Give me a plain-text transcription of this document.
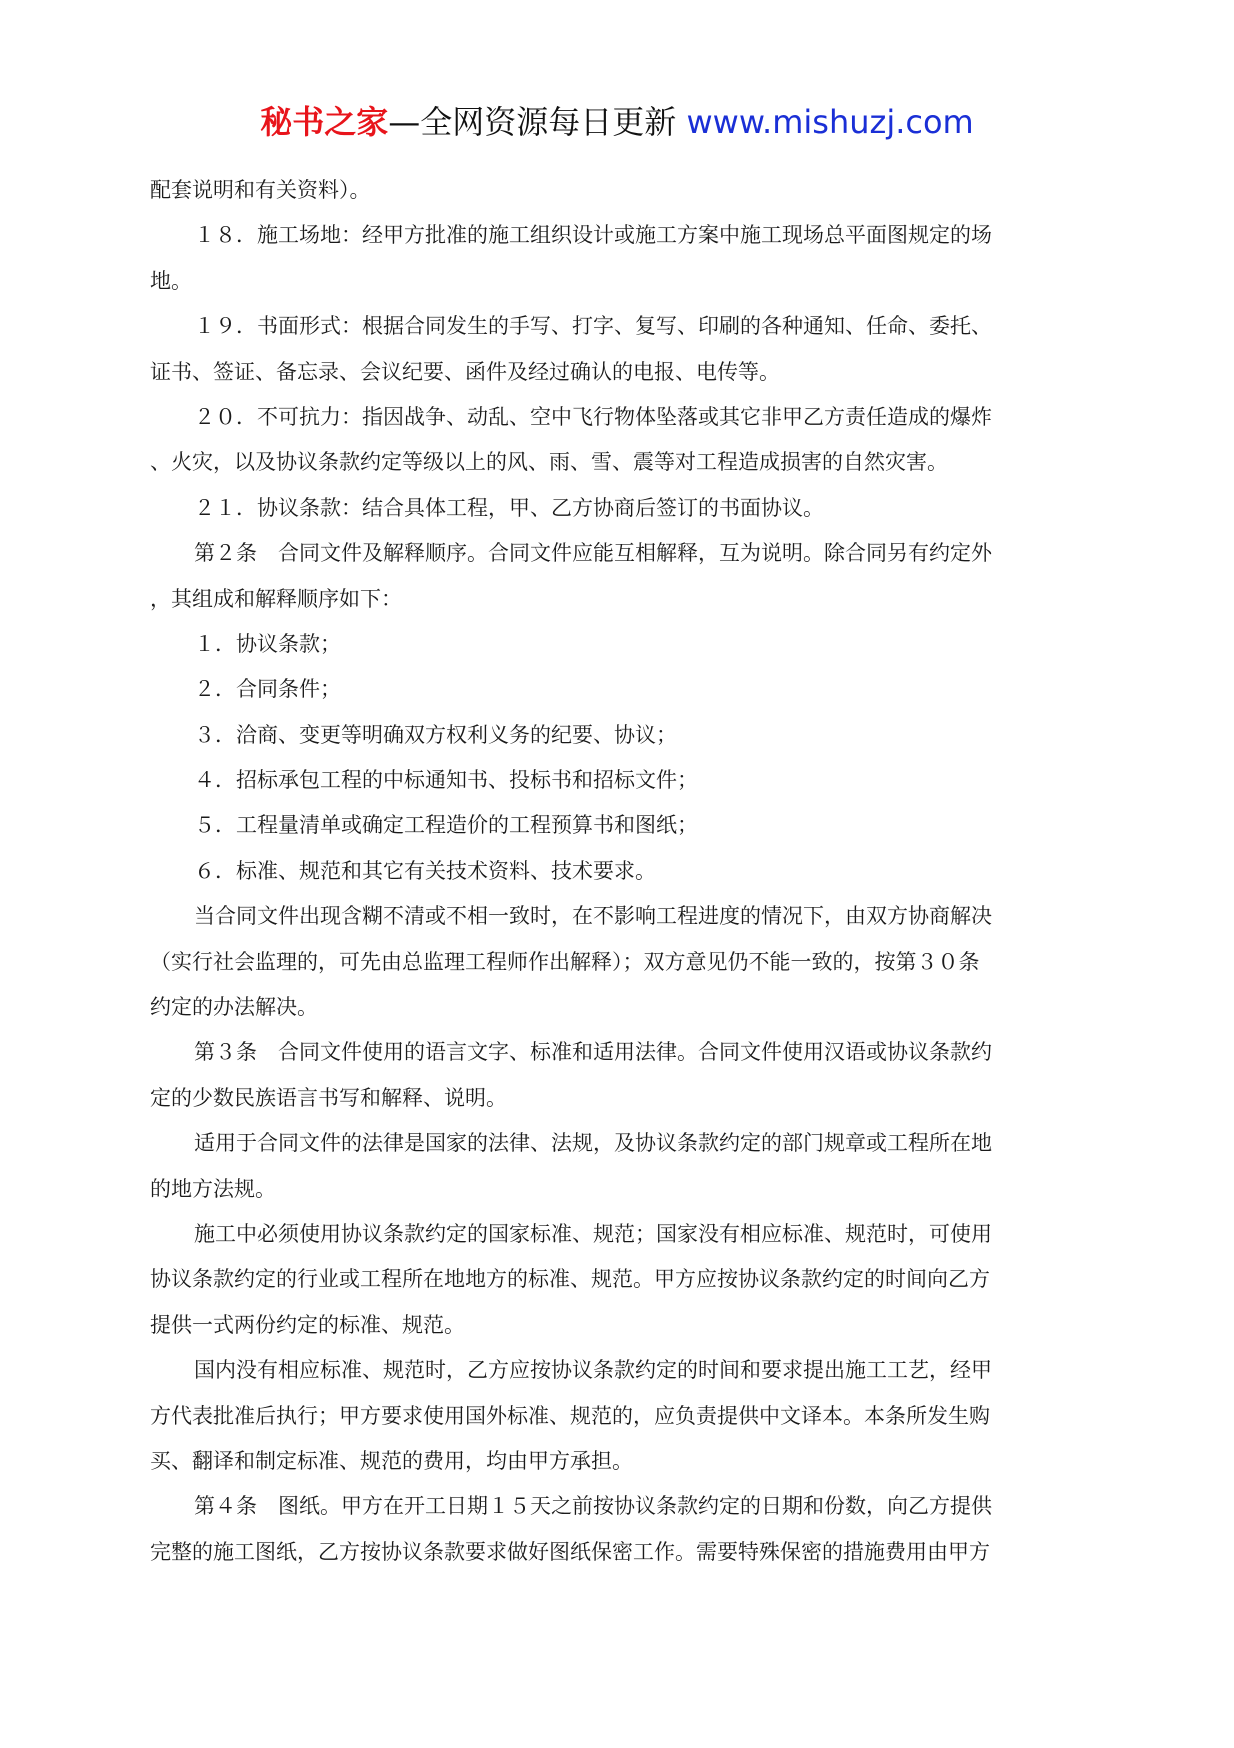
秘书之家—全网资源每日更新 www.mishuzj.com
配套说明和有关资料）。
１８．施工场地：经甲方批准的施工组织设计或施工方案中施工现场总平面图规定的场
地。
１９．书面形式：根据合同发生的手写、打字、复写、印刷的各种通知、任命、委托、
证书、签证、备忘录、会议纪要、函件及经过确认的电报、电传等。
２０．不可抗力：指因战争、动乱、空中飞行物体坠落或其它非甲乙方责任造成的爆炸
、火灾，以及协议条款约定等级以上的风、雨、雪、震等对工程造成损害的自然灾害。
２１．协议条款：结合具体工程，甲、乙方协商后签订的书面协议。
第２条　合同文件及解释顺序。合同文件应能互相解释，互为说明。除合同另有约定外
，其组成和解释顺序如下：
１．协议条款；
２．合同条件；
３．洽商、变更等明确双方权利义务的纪要、协议；
４．招标承包工程的中标通知书、投标书和招标文件；
５．工程量清单或确定工程造价的工程预算书和图纸；
６．标准、规范和其它有关技术资料、技术要求。
当合同文件出现含糊不清或不相一致时，在不影响工程进度的情况下，由双方协商解决
（实行社会监理的，可先由总监理工程师作出解释）；双方意见仍不能一致的，按第３０条
约定的办法解决。
第３条　合同文件使用的语言文字、标准和适用法律。合同文件使用汉语或协议条款约
定的少数民族语言书写和解释、说明。
适用于合同文件的法律是国家的法律、法规，及协议条款约定的部门规章或工程所在地
的地方法规。
施工中必须使用协议条款约定的国家标准、规范；国家没有相应标准、规范时，可使用
协议条款约定的行业或工程所在地地方的标准、规范。甲方应按协议条款约定的时间向乙方
提供一式两份约定的标准、规范。
国内没有相应标准、规范时，乙方应按协议条款约定的时间和要求提出施工工艺，经甲
方代表批准后执行；甲方要求使用国外标准、规范的，应负责提供中文译本。本条所发生购
买、翻译和制定标准、规范的费用，均由甲方承担。
第４条　图纸。甲方在开工日期１５天之前按协议条款约定的日期和份数，向乙方提供
完整的施工图纸，乙方按协议条款要求做好图纸保密工作。需要特殊保密的措施费用由甲方
